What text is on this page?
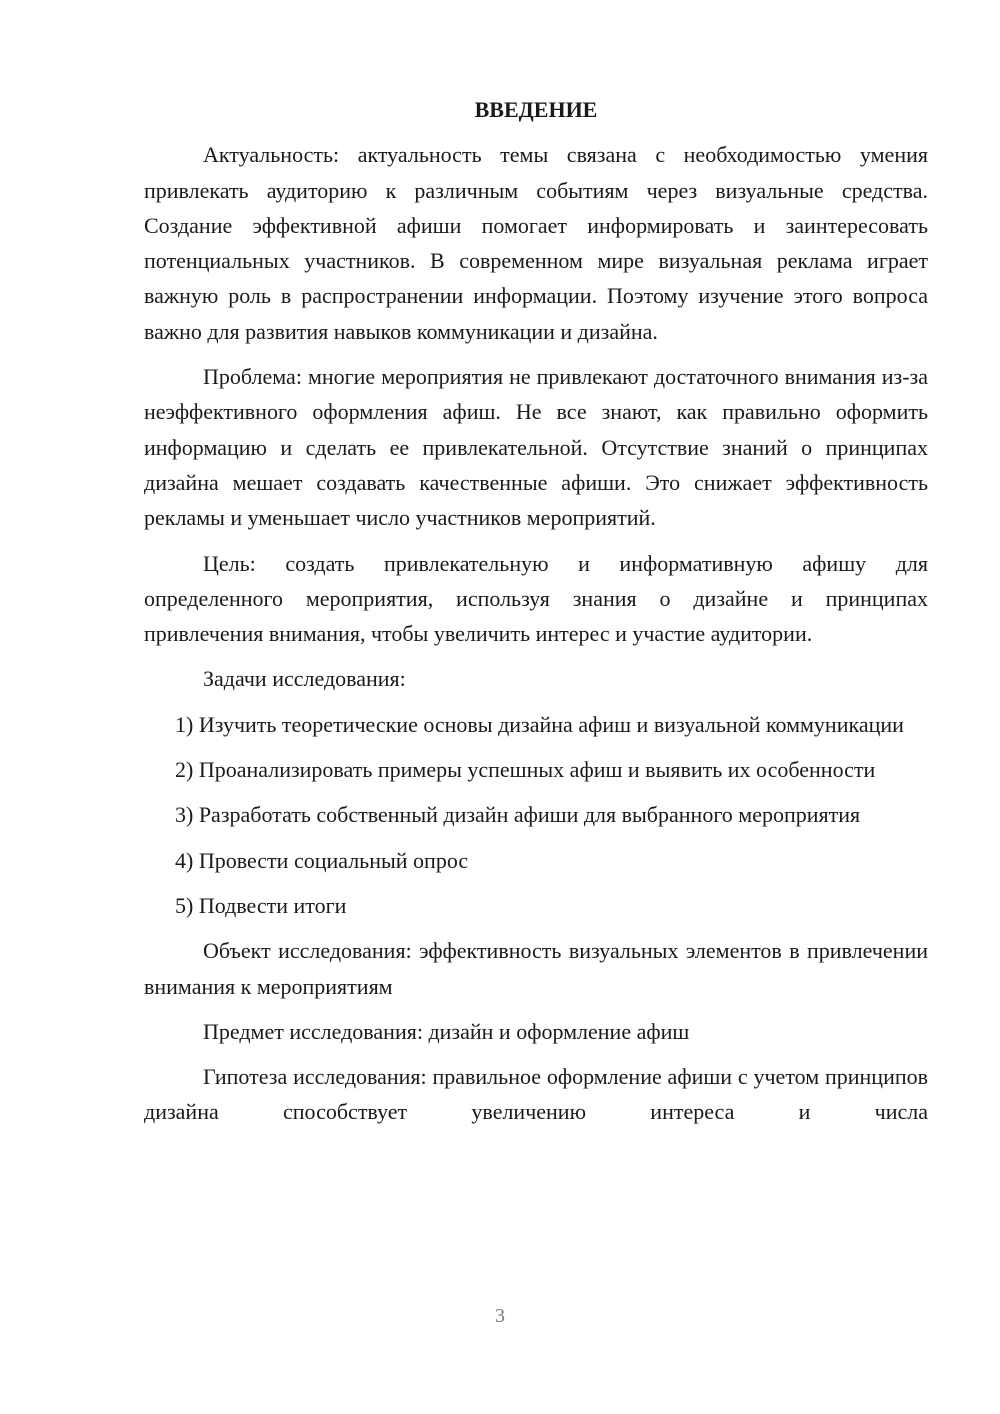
ВВЕДЕНИЕ

Актуальность: актуальность темы связана с необходимостью умения привлекать аудиторию к различным событиям через визуальные средства. Создание эффективной афиши помогает информировать и заинтересовать потенциальных участников. В современном мире визуальная реклама играет важную роль в распространении информации. Поэтому изучение этого вопроса важно для развития навыков коммуникации и дизайна.

Проблема: многие мероприятия не привлекают достаточного внимания из-за неэффективного оформления афиш. Не все знают, как правильно оформить информацию и сделать ее привлекательной. Отсутствие знаний о принципах дизайна мешает создавать качественные афиши. Это снижает эффективность рекламы и уменьшает число участников мероприятий.

Цель: создать привлекательную и информативную афишу для определенного мероприятия, используя знания о дизайне и принципах привлечения внимания, чтобы увеличить интерес и участие аудитории.

Задачи исследования:

1) Изучить теоретические основы дизайна афиш и визуальной коммуникации

2) Проанализировать примеры успешных афиш и выявить их особенности

3) Разработать собственный дизайн афиши для выбранного мероприятия

4) Провести социальный опрос

5) Подвести итоги

Объект исследования: эффективность визуальных элементов в привлечении внимания к мероприятиям

Предмет исследования: дизайн и оформление афиш

Гипотеза исследования: правильное оформление афиши с учетом принципов дизайна способствует увеличению интереса и числа

3
